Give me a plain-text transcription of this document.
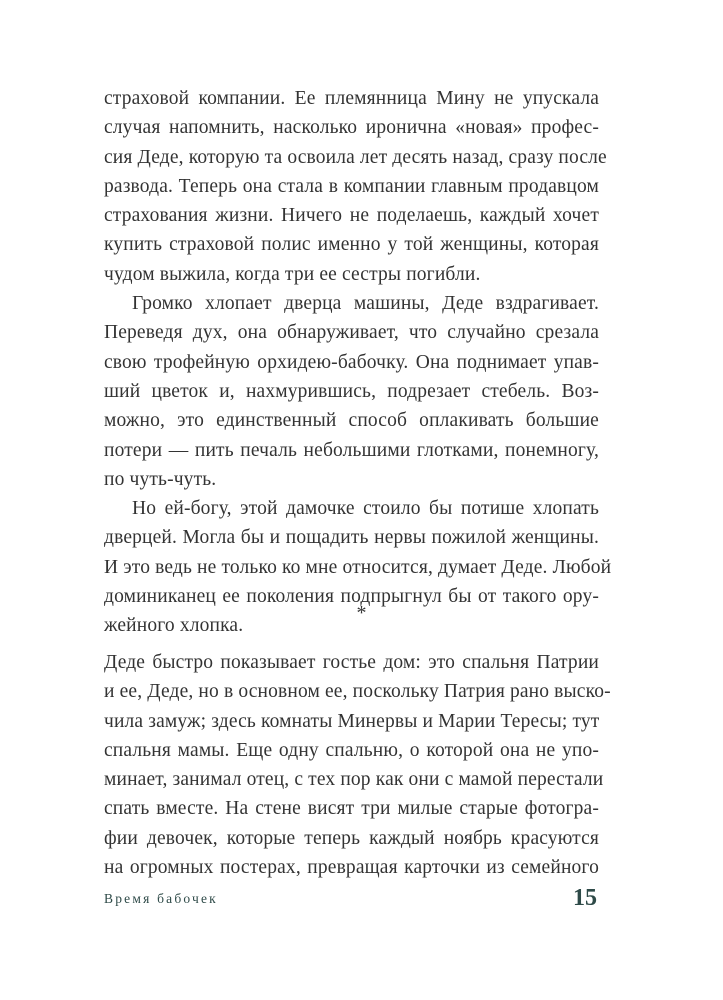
страховой компании. Ее племянница Мину не упускала
случая напомнить, насколько иронична «новая» профес-
сия Деде, которую та освоила лет десять назад, сразу после
развода. Теперь она стала в компании главным продавцом
страхования жизни. Ничего не поделаешь, каждый хочет
купить страховой полис именно у той женщины, которая
чудом выжила, когда три ее сестры погибли.
Громко хлопает дверца машины, Деде вздрагивает.
Переведя дух, она обнаруживает, что случайно срезала
свою трофейную орхидею-бабочку. Она поднимает упав-
ший цветок и, нахмурившись, подрезает стебель. Воз-
можно, это единственный способ оплакивать большие
потери — пить печаль небольшими глотками, понемногу,
по чуть-чуть.
Но ей-богу, этой дамочке стоило бы потише хлопать
дверцей. Могла бы и пощадить нервы пожилой женщины.
И это ведь не только ко мне относится, думает Деде. Любой
доминиканец ее поколения подпрыгнул бы от такого ору-
жейного хлопка.
*
Деде быстро показывает гостье дом: это спальня Патрии
и ее, Деде, но в основном ее, поскольку Патрия рано выско-
чила замуж; здесь комнаты Минервы и Марии Тересы; тут
спальня мамы. Еще одну спальню, о которой она не упо-
минает, занимал отец, с тех пор как они с мамой перестали
спать вместе. На стене висят три милые старые фотогра-
фии девочек, которые теперь каждый ноябрь красуются
на огромных постерах, превращая карточки из семейного
Время бабочек	15
